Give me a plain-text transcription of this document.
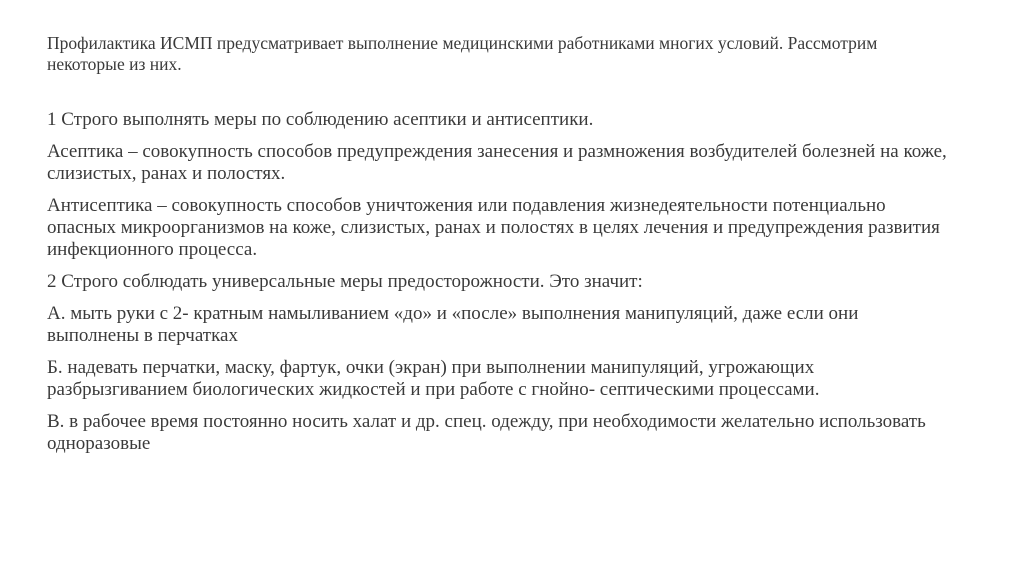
Профилактика ИСМП предусматривает выполнение медицинскими работниками многих условий. Рассмотрим некоторые из них.

1 Строго выполнять меры по соблюдению асептики и антисептики.

Асептика – совокупность способов предупреждения занесения и размножения возбудителей болезней на коже, слизистых, ранах и полостях.

Антисептика – совокупность способов уничтожения или подавления жизнедеятельности потенциально опасных микроорганизмов на коже, слизистых, ранах и полостях в целях лечения и предупреждения развития инфекционного процесса.

2 Строго соблюдать универсальные меры предосторожности. Это значит:

А. мыть руки с 2- кратным намыливанием «до» и «после» выполнения манипуляций, даже если они выполнены в перчатках

Б. надевать перчатки, маску, фартук, очки (экран) при выполнении манипуляций, угрожающих разбрызгиванием биологических жидкостей и при работе с гнойно- септическими процессами.

В. в рабочее время постоянно носить халат и др. спец. одежду, при необходимости желательно использовать одноразовые
